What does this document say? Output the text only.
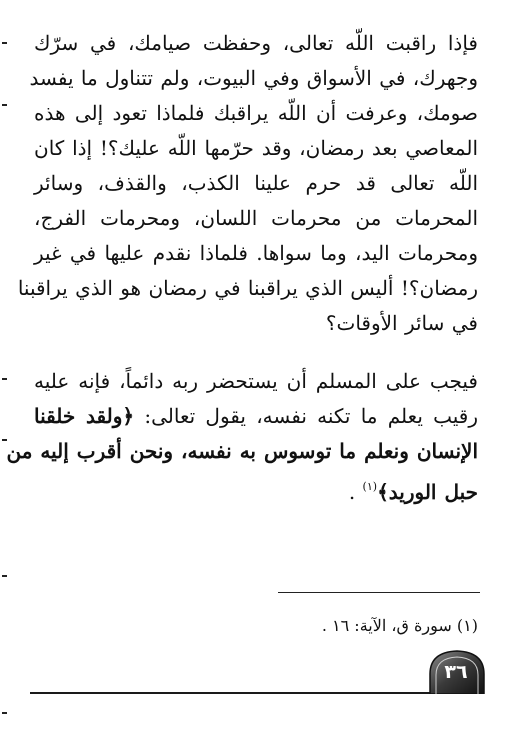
فإذا راقبت اللّه تعالى، وحفظت صيامك، في سرّك
وجهرك، في الأسواق وفي البيوت، ولم تتناول ما يفسد
صومك، وعرفت أن اللّه يراقبك فلماذا تعود إلى هذه
المعاصي بعد رمضان، وقد حرّمها اللّه عليك؟! إذا كان
اللّه تعالى قد حرم علينا الكذب، والقذف، وسائر
المحرمات من محرمات اللسان، ومحرمات الفرج،
ومحرمات اليد، وما سواها. فلماذا نقدم عليها في غير
رمضان؟! أليس الذي يراقبنا في رمضان هو الذي يراقبنا
في سائر الأوقات؟
فيجب على المسلم أن يستحضر ربه دائماً، فإنه عليه
رقيب يعلم ما تكنه نفسه، يقول تعالى: ﴿ولقد خلقنا
الإنسان ونعلم ما توسوس به نفسه، ونحن أقرب إليه من
حبل الوريد﴾$^{(١)}$ .
(١) سورة ق، الآية: ١٦ .
٣٦
